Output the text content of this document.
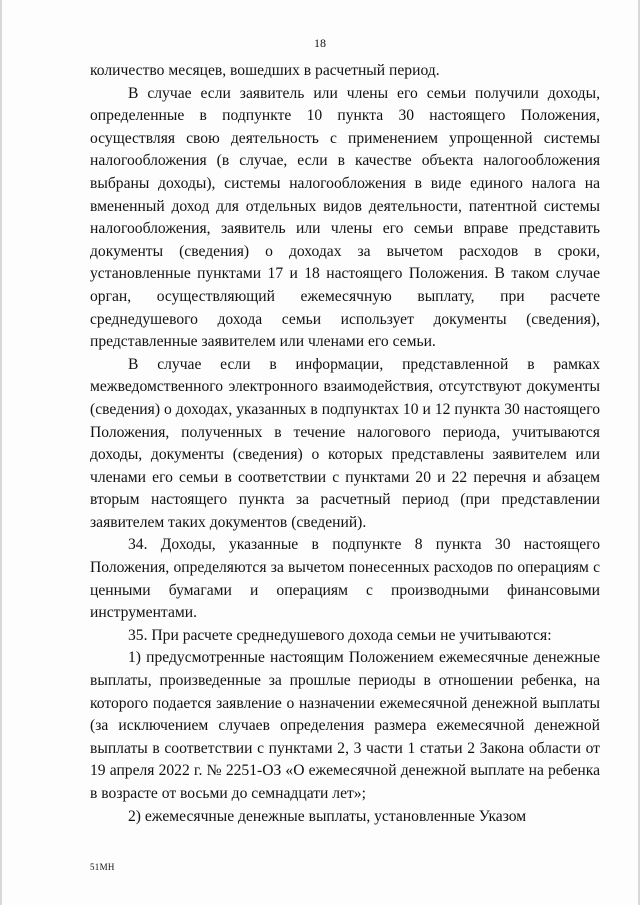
18

количество месяцев, вошедших в расчетный период.

В случае если заявитель или члены его семьи получили доходы, определенные в подпункте 10 пункта 30 настоящего Положения, осуществляя свою деятельность с применением упрощенной системы налогообложения (в случае, если в качестве объекта налогообложения выбраны доходы), системы налогообложения в виде единого налога на вмененный доход для отдельных видов деятельности, патентной системы налогообложения, заявитель или члены его семьи вправе представить документы (сведения) о доходах за вычетом расходов в сроки, установленные пунктами 17 и 18 настоящего Положения. В таком случае орган, осуществляющий ежемесячную выплату, при расчете среднедушевого дохода семьи использует документы (сведения), представленные заявителем или членами его семьи.

В случае если в информации, представленной в рамках межведомственного электронного взаимодействия, отсутствуют документы (сведения) о доходах, указанных в подпунктах 10 и 12 пункта 30 настоящего Положения, полученных в течение налогового периода, учитываются доходы, документы (сведения) о которых представлены заявителем или членами его семьи в соответствии с пунктами 20 и 22 перечня и абзацем вторым настоящего пункта за расчетный период (при представлении заявителем таких документов (сведений).

34. Доходы, указанные в подпункте 8 пункта 30 настоящего Положения, определяются за вычетом понесенных расходов по операциям с ценными бумагами и операциям с производными финансовыми инструментами.

35. При расчете среднедушевого дохода семьи не учитываются:

1) предусмотренные настоящим Положением ежемесячные денежные выплаты, произведенные за прошлые периоды в отношении ребенка, на которого подается заявление о назначении ежемесячной денежной выплаты (за исключением случаев определения размера ежемесячной денежной выплаты в соответствии с пунктами 2, 3 части 1 статьи 2 Закона области от 19 апреля 2022 г. № 2251-ОЗ «О ежемесячной денежной выплате на ребенка в возрасте от восьми до семнадцати лет»;

2) ежемесячные денежные выплаты, установленные Указом

51МН
